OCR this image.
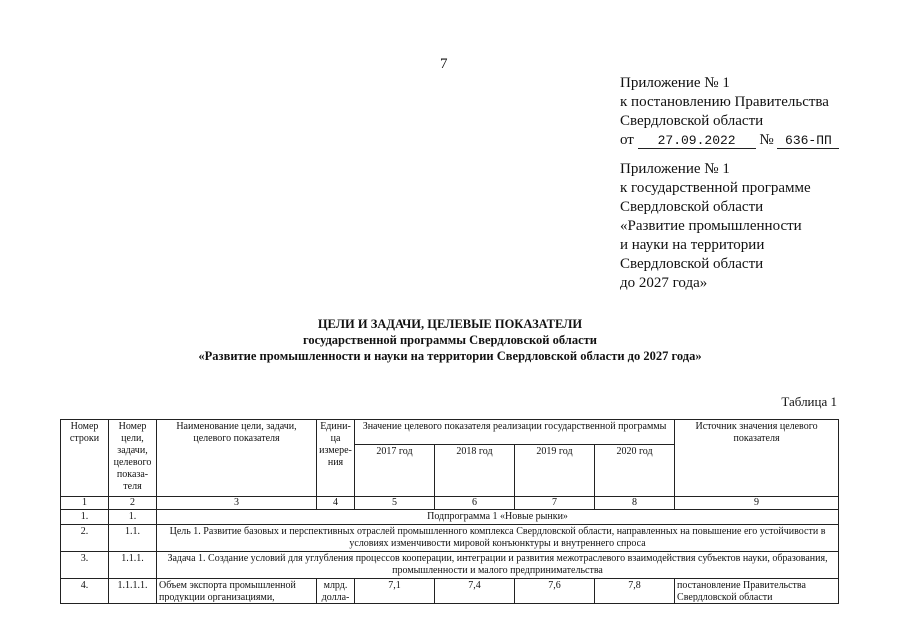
7
Приложение № 1
к постановлению Правительства
Свердловской области
от 27.09.2022 № 636-ПП
Приложение № 1
к государственной программе
Свердловской области
«Развитие промышленности
и науки на территории
Свердловской области
до 2027 года»
ЦЕЛИ И ЗАДАЧИ, ЦЕЛЕВЫЕ ПОКАЗАТЕЛИ
государственной программы Свердловской области
«Развитие промышленности и науки на территории Свердловской области до 2027 года»
Таблица 1
Номер строки	Номер цели, задачи, целевого показа-теля	Наименование цели, задачи, целевого показателя	Едини-ца измере-ния	Значение целевого показателя реализации государственной программы				Источник значения целевого показателя
				2017 год	2018 год	2019 год	2020 год	
1	2	3	4	5	6	7	8	9
1.	1.	Подпрограмма 1 «Новые рынки»						
2.	1.1.	Цель 1. Развитие базовых и перспективных отраслей промышленного комплекса Свердловской области, направленных на повышение его устойчивости в условиях изменчивости мировой конъюнктуры и внутреннего спроса						
3.	1.1.1.	Задача 1. Создание условий для углубления процессов кооперации, интеграции и развития межотраслевого взаимодействия субъектов науки, образования, промышленности и малого предпринимательства						
4.	1.1.1.1.	Объем экспорта промышленной продукции организациями,	млрд. долла-	7,1	7,4	7,6	7,8	постановление Правительства Свердловской области
